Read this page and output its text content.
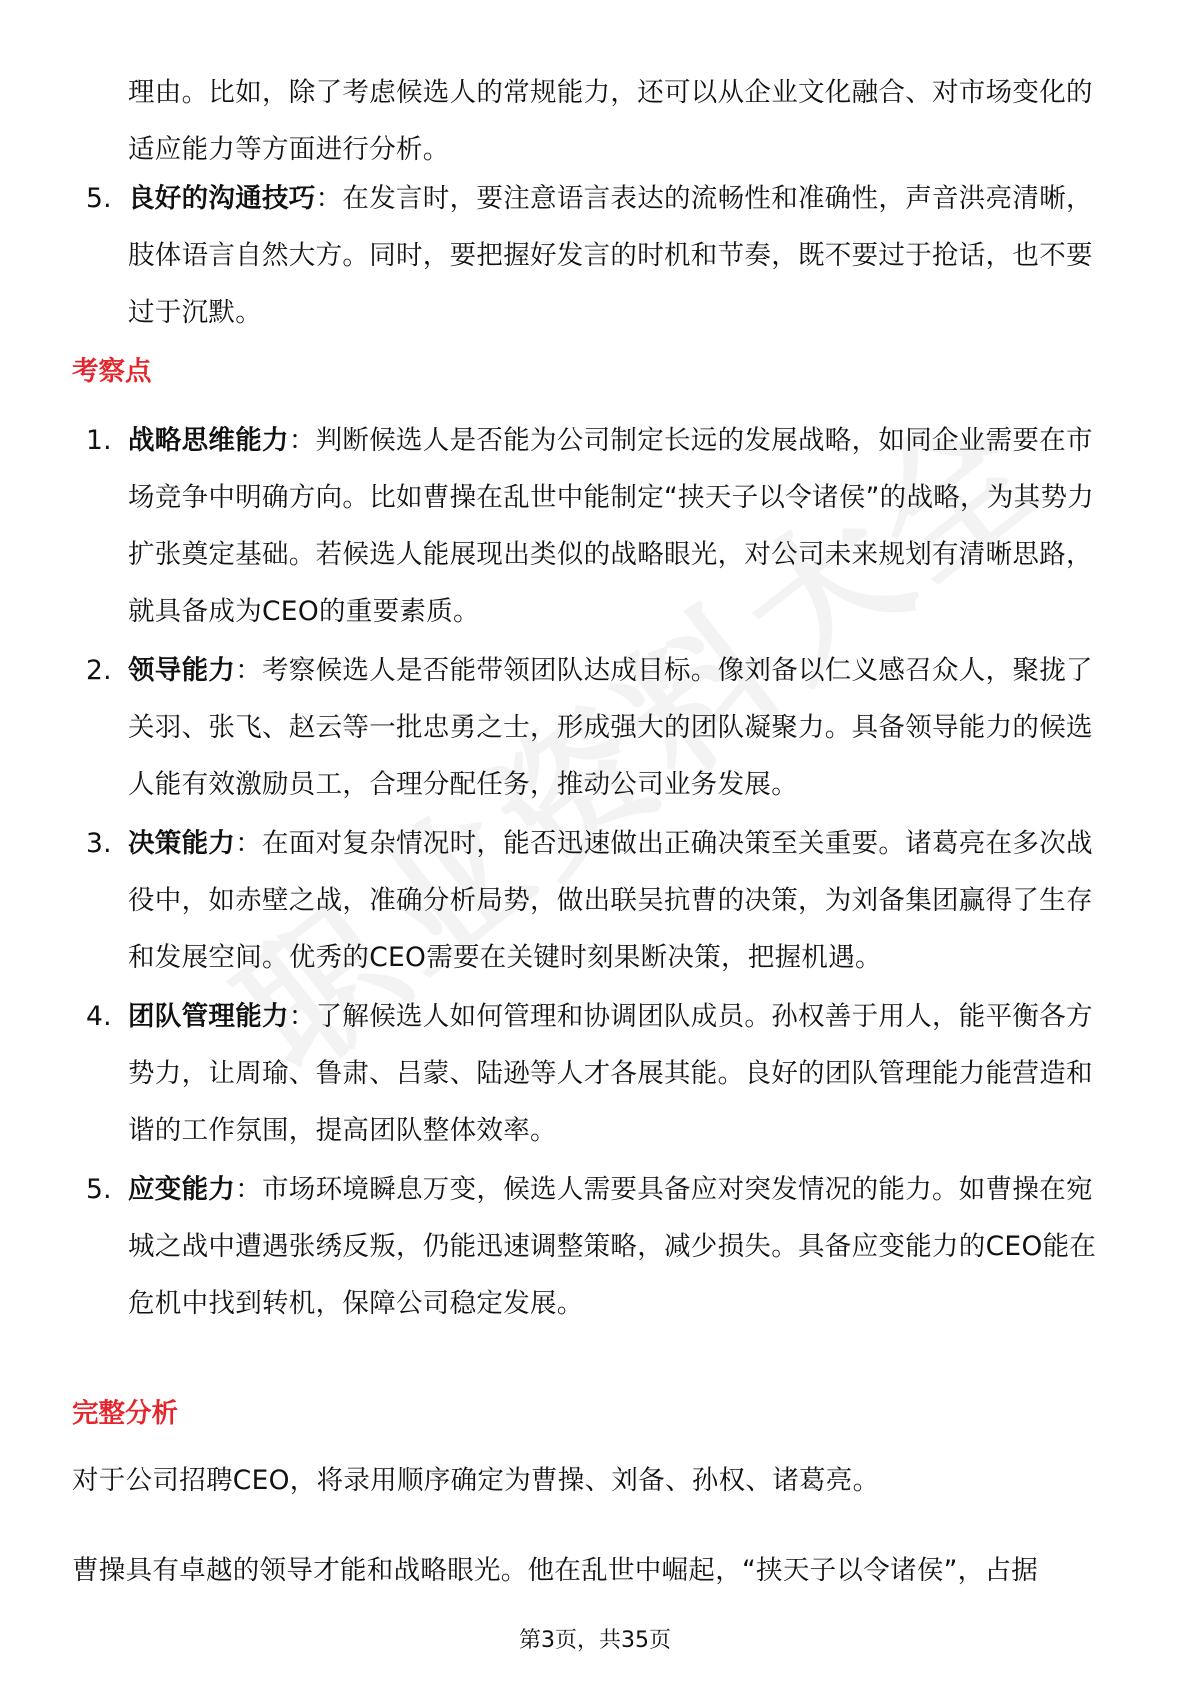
理由。比如，除了考虑候选人的常规能力，还可以从企业文化融合、对市场变化的适应能力等方面进行分析。
5. 良好的沟通技巧：在发言时，要注意语言表达的流畅性和准确性，声音洪亮清晰，肢体语言自然大方。同时，要把握好发言的时机和节奏，既不要过于抢话，也不要过于沉默。
考察点
1. 战略思维能力：判断候选人是否能为公司制定长远的发展战略，如同企业需要在市场竞争中明确方向。比如曹操在乱世中能制定“挟天子以令诸侯”的战略，为其势力扩张奠定基础。若候选人能展现出类似的战略眼光，对公司未来规划有清晰思路，就具备成为CEO的重要素质。
2. 领导能力：考察候选人是否能带领团队达成目标。像刘备以仁义感召众人，聚拢了关羽、张飞、赵云等一批忠勇之士，形成强大的团队凝聚力。具备领导能力的候选人能有效激励员工，合理分配任务，推动公司业务发展。
3. 决策能力：在面对复杂情况时，能否迅速做出正确决策至关重要。诸葛亮在多次战役中，如赤壁之战，准确分析局势，做出联吴抗曹的决策，为刘备集团赢得了生存和发展空间。优秀的CEO需要在关键时刻果断决策，把握机遇。
4. 团队管理能力：了解候选人如何管理和协调团队成员。孙权善于用人，能平衡各方势力，让周瑜、鲁肃、吕蒙、陆逊等人才各展其能。良好的团队管理能力能营造和谐的工作氛围，提高团队整体效率。
5. 应变能力：市场环境瞬息万变，候选人需要具备应对突发情况的能力。如曹操在宛城之战中遭遇张绣反叛，仍能迅速调整策略，减少损失。具备应变能力的CEO能在危机中找到转机，保障公司稳定发展。
完整分析
对于公司招聘CEO，将录用顺序确定为曹操、刘备、孙权、诸葛亮。
曹操具有卓越的领导才能和战略眼光。他在乱世中崛起，“挟天子以令诸侯”，占据
第3页，共35页
